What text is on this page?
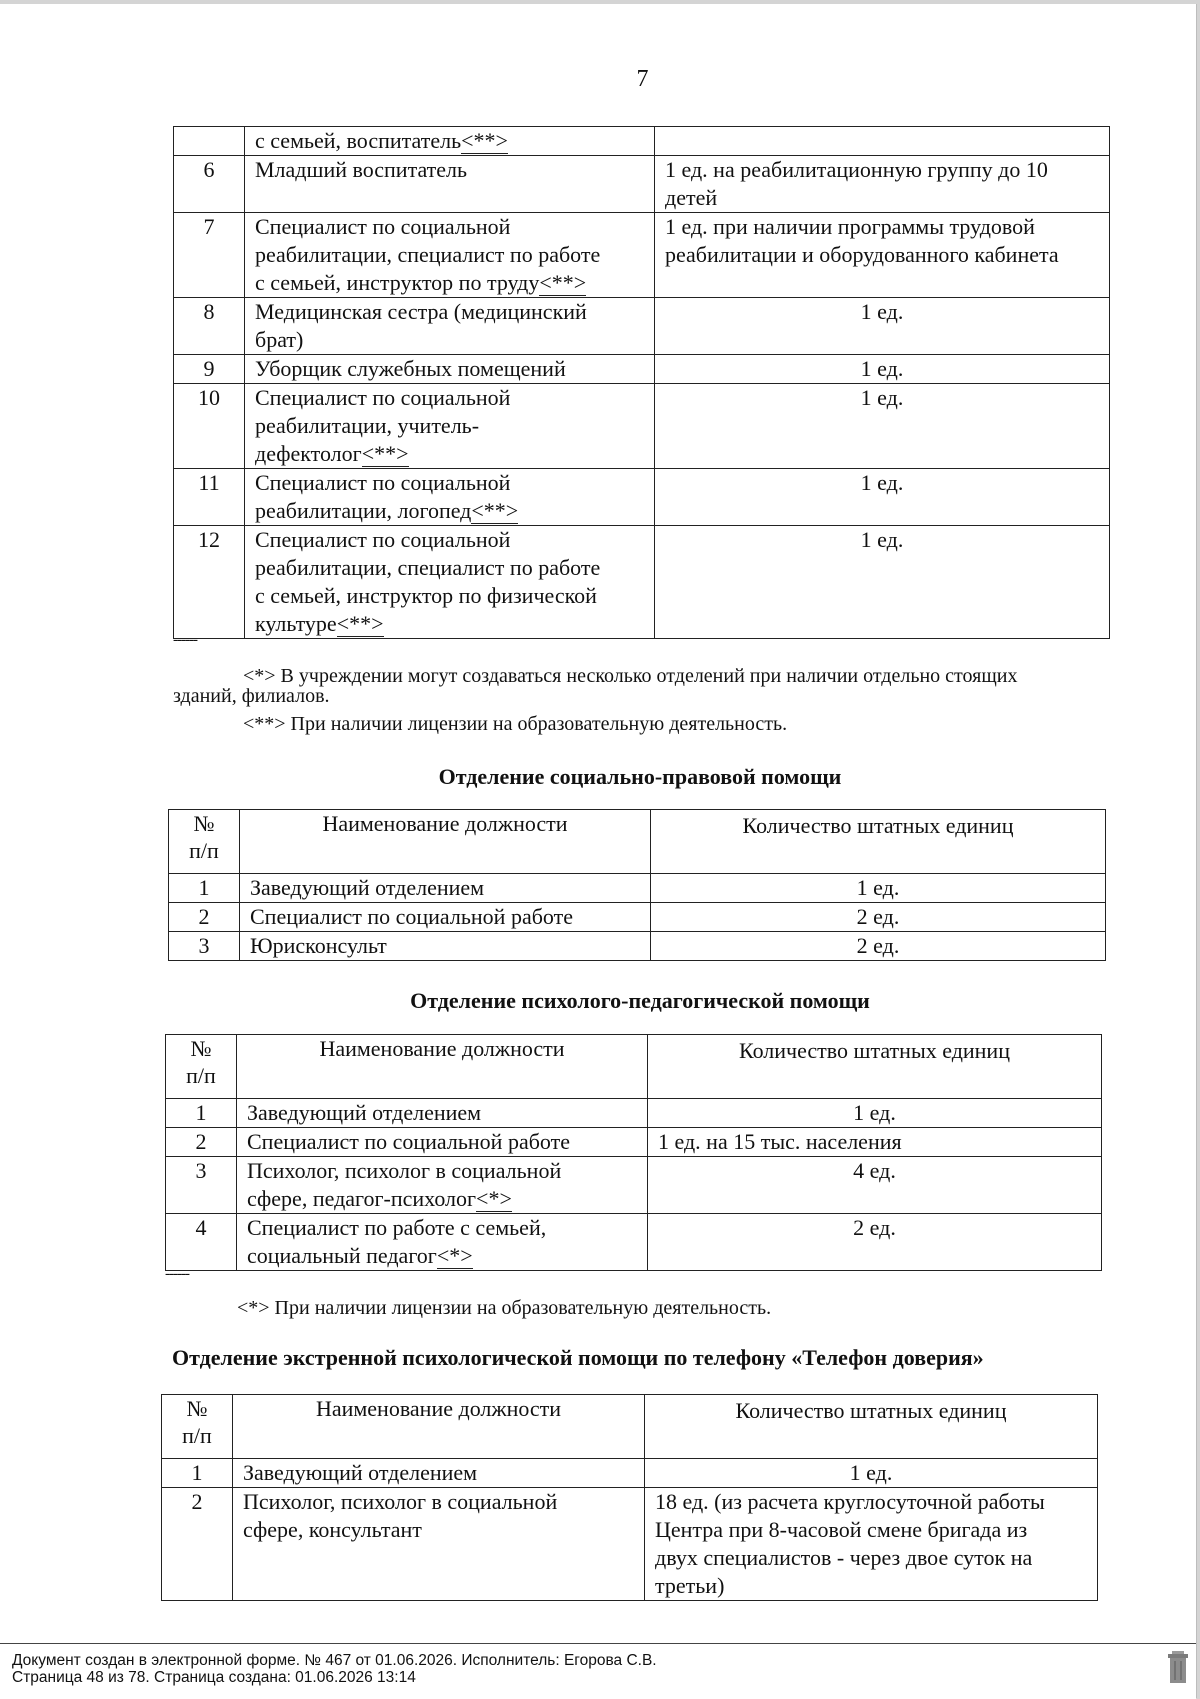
7
	с семьей, воспитатель<**>	
6	Младший воспитатель	1 ед. на реабилитационную группу до 10
детей
7	Специалист по социальной
реабилитации, специалист по работе
с семьей, инструктор по труду<**>	1 ед. при наличии программы трудовой
реабилитации и оборудованного кабинета
8	Медицинская сестра (медицинский
брат)	1 ед.
9	Уборщик служебных помещений	1 ед.
10	Специалист по социальной
реабилитации, учитель-
дефектолог<**>	1 ед.
11	Специалист по социальной
реабилитации, логопед<**>	1 ед.
12	Специалист по социальной
реабилитации, специалист по работе
с семьей, инструктор по физической
культуре<**>	1 ед.
------
<*> В учреждении могут создаваться несколько отделений при наличии отдельно стоящих
зданий, филиалов.
<**> При наличии лицензии на образовательную деятельность.
Отделение социально-правовой помощи
№
п/п	Наименование должности	Количество штатных единиц
1	Заведующий отделением	1 ед.
2	Специалист по социальной работе	2 ед.
3	Юрисконсульт	2 ед.
Отделение психолого-педагогической помощи
№
п/п	Наименование должности	Количество штатных единиц
1	Заведующий отделением	1 ед.
2	Специалист по социальной работе	1 ед. на 15 тыс. населения
3	Психолог, психолог в социальной
сфере, педагог-психолог<*>	4 ед.
4	Специалист по работе с семьей,
социальный педагог<*>	2 ед.
------
<*> При наличии лицензии на образовательную деятельность.
Отделение экстренной психологической помощи по телефону «Телефон доверия»
№
п/п	Наименование должности	Количество штатных единиц
1	Заведующий отделением	1 ед.
2	Психолог, психолог в социальной
сфере, консультант	18 ед. (из расчета круглосуточной работы
Центра при 8-часовой смене бригада из
двух специалистов - через двое суток на
третьи)
Документ создан в электронной форме. № 467 от 01.06.2026. Исполнитель: Егорова С.В.
Страница 48 из 78. Страница создана: 01.06.2026 13:14
